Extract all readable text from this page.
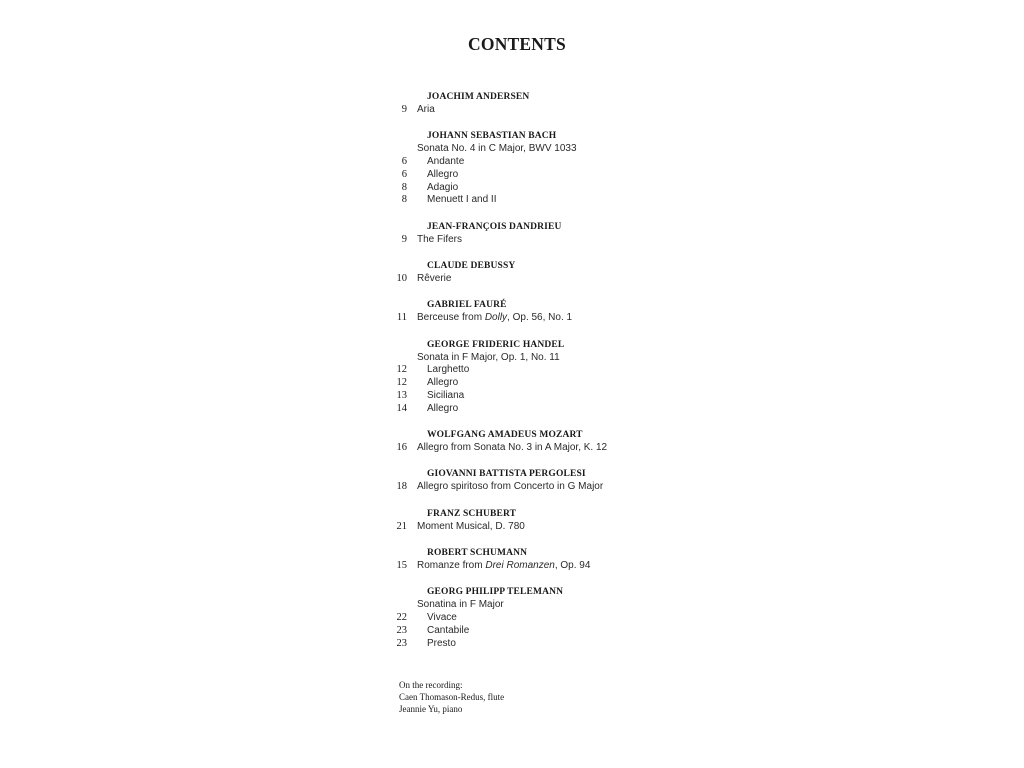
CONTENTS
JOACHIM ANDERSEN
9	Aria
JOHANN SEBASTIAN BACH
Sonata No. 4 in C Major, BWV 1033
6	Andante
6	Allegro
8	Adagio
8	Menuett I and II
JEAN-FRANÇOIS DANDRIEU
9	The Fifers
CLAUDE DEBUSSY
10	Rêverie
GABRIEL FAURÉ
11	Berceuse from Dolly, Op. 56, No. 1
GEORGE FRIDERIC HANDEL
Sonata in F Major, Op. 1, No. 11
12	Larghetto
12	Allegro
13	Siciliana
14	Allegro
WOLFGANG AMADEUS MOZART
16	Allegro from Sonata No. 3 in A Major, K. 12
GIOVANNI BATTISTA PERGOLESI
18	Allegro spiritoso from Concerto in G Major
FRANZ SCHUBERT
21	Moment Musical, D. 780
ROBERT SCHUMANN
15	Romanze from Drei Romanzen, Op. 94
GEORG PHILIPP TELEMANN
Sonatina in F Major
22	Vivace
23	Cantabile
23	Presto
On the recording:
Caen Thomason-Redus, flute
Jeannie Yu, piano
